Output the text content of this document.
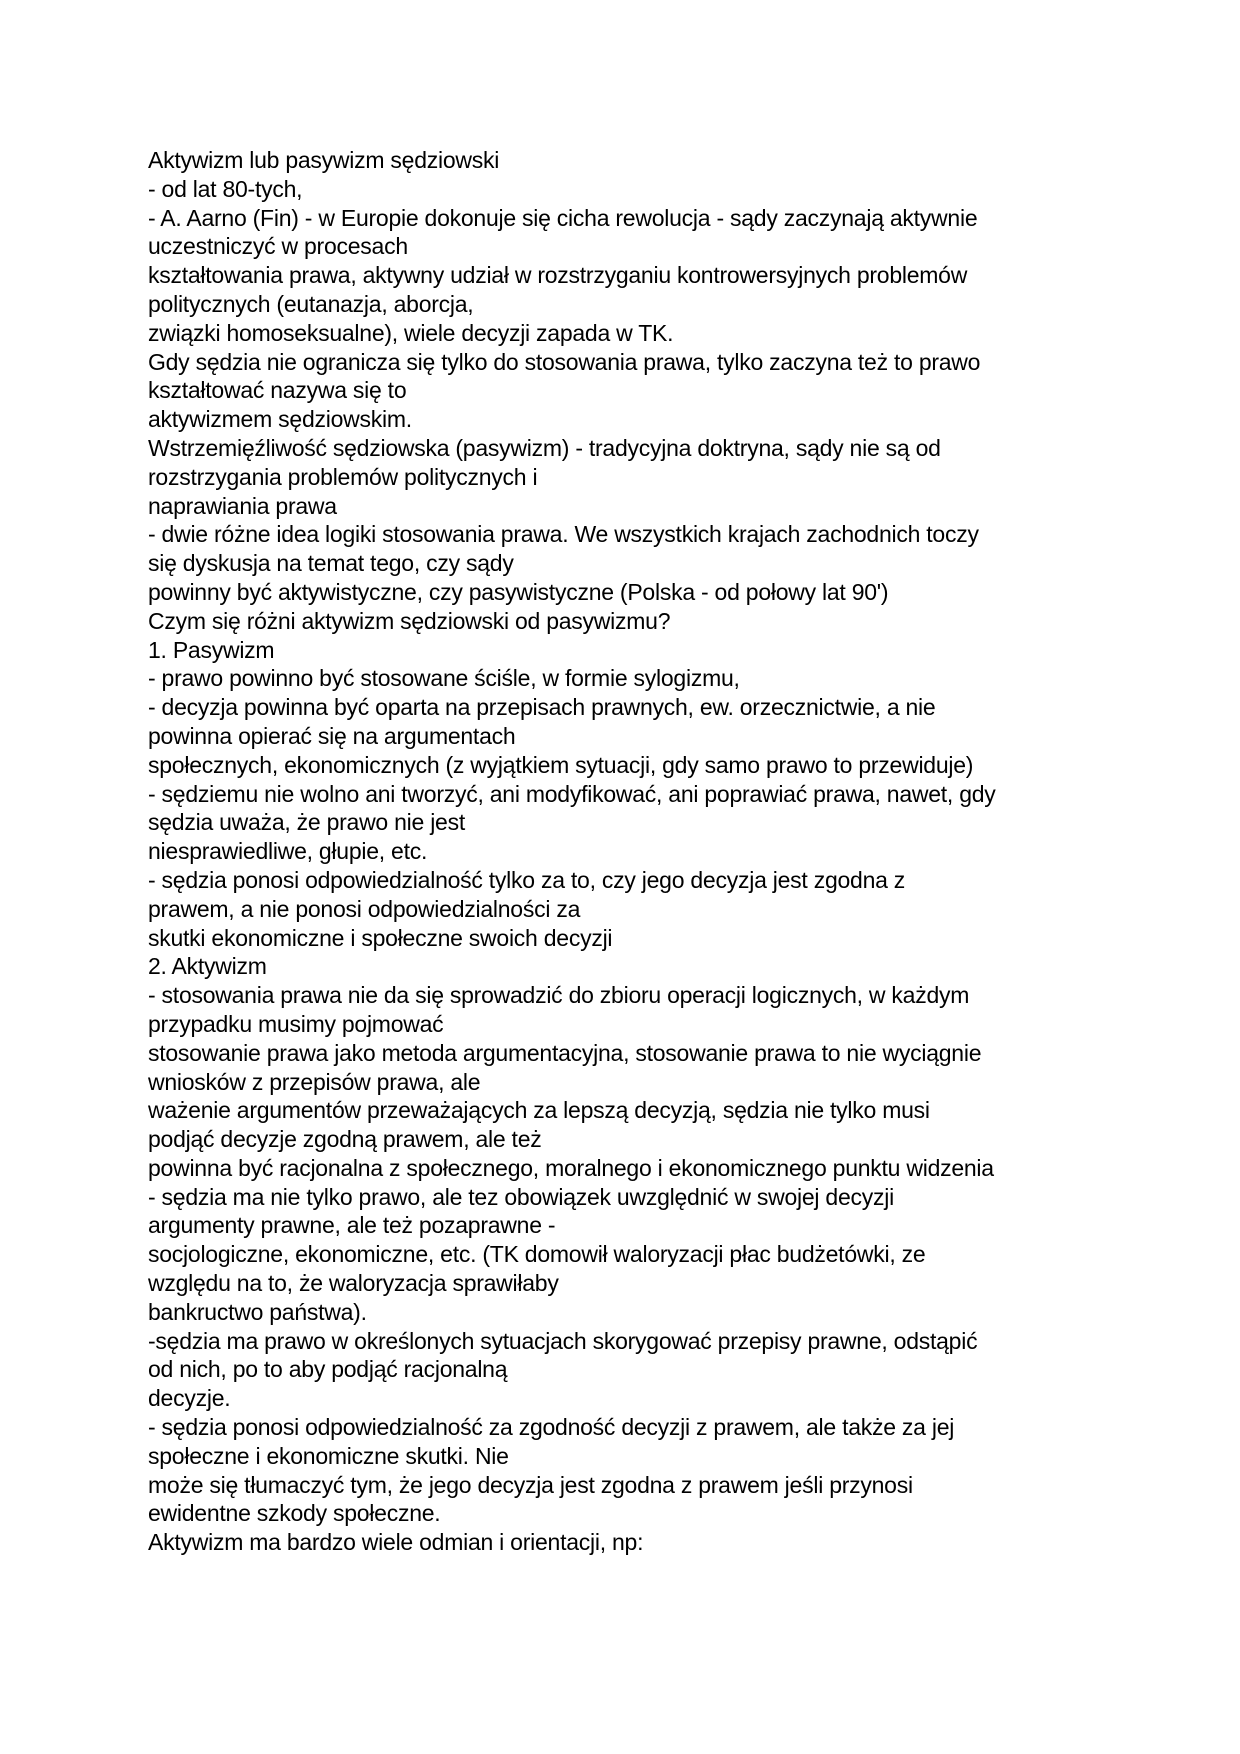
Aktywizm lub pasywizm sędziowski
- od lat 80-tych,
- A. Aarno (Fin) - w Europie dokonuje się cicha rewolucja - sądy zaczynają aktywnie
uczestniczyć w procesach
kształtowania prawa, aktywny udział w rozstrzyganiu kontrowersyjnych problemów
politycznych (eutanazja, aborcja,
związki homoseksualne), wiele decyzji zapada w TK.
Gdy sędzia nie ogranicza się tylko do stosowania prawa, tylko zaczyna też to prawo
kształtować nazywa się to
aktywizmem sędziowskim.
Wstrzemięźliwość sędziowska (pasywizm) - tradycyjna doktryna, sądy nie są od
rozstrzygania problemów politycznych i
naprawiania prawa
- dwie różne idea logiki stosowania prawa. We wszystkich krajach zachodnich toczy
się dyskusja na temat tego, czy sądy
powinny być aktywistyczne, czy pasywistyczne (Polska - od połowy lat 90')
Czym się różni aktywizm sędziowski od pasywizmu?
1. Pasywizm
- prawo powinno być stosowane ściśle, w formie sylogizmu,
- decyzja powinna być oparta na przepisach prawnych, ew. orzecznictwie, a nie
powinna opierać się na argumentach
społecznych, ekonomicznych (z wyjątkiem sytuacji, gdy samo prawo to przewiduje)
- sędziemu nie wolno ani tworzyć, ani modyfikować, ani poprawiać prawa, nawet, gdy
sędzia uważa, że prawo nie jest
niesprawiedliwe, głupie, etc.
- sędzia ponosi odpowiedzialność tylko za to, czy jego decyzja jest zgodna z
prawem, a nie ponosi odpowiedzialności za
skutki ekonomiczne i społeczne swoich decyzji
2. Aktywizm
- stosowania prawa nie da się sprowadzić do zbioru operacji logicznych, w każdym
przypadku musimy pojmować
stosowanie prawa jako metoda argumentacyjna, stosowanie prawa to nie wyciągnie
wniosków z przepisów prawa, ale
ważenie argumentów przeważających za lepszą decyzją, sędzia nie tylko musi
podjąć decyzje zgodną prawem, ale też
powinna być racjonalna z społecznego, moralnego i ekonomicznego punktu widzenia
- sędzia ma nie tylko prawo, ale tez obowiązek uwzględnić w swojej decyzji
argumenty prawne, ale też pozaprawne -
socjologiczne, ekonomiczne, etc. (TK domowił waloryzacji płac budżetówki, ze
względu na to, że waloryzacja sprawiłaby
bankructwo państwa).
-sędzia ma prawo w określonych sytuacjach skorygować przepisy prawne, odstąpić
od nich, po to aby podjąć racjonalną
decyzje.
- sędzia ponosi odpowiedzialność za zgodność decyzji z prawem, ale także za jej
społeczne i ekonomiczne skutki. Nie
może się tłumaczyć tym, że jego decyzja jest zgodna z prawem jeśli przynosi
ewidentne szkody społeczne.
Aktywizm ma bardzo wiele odmian i orientacji, np:
